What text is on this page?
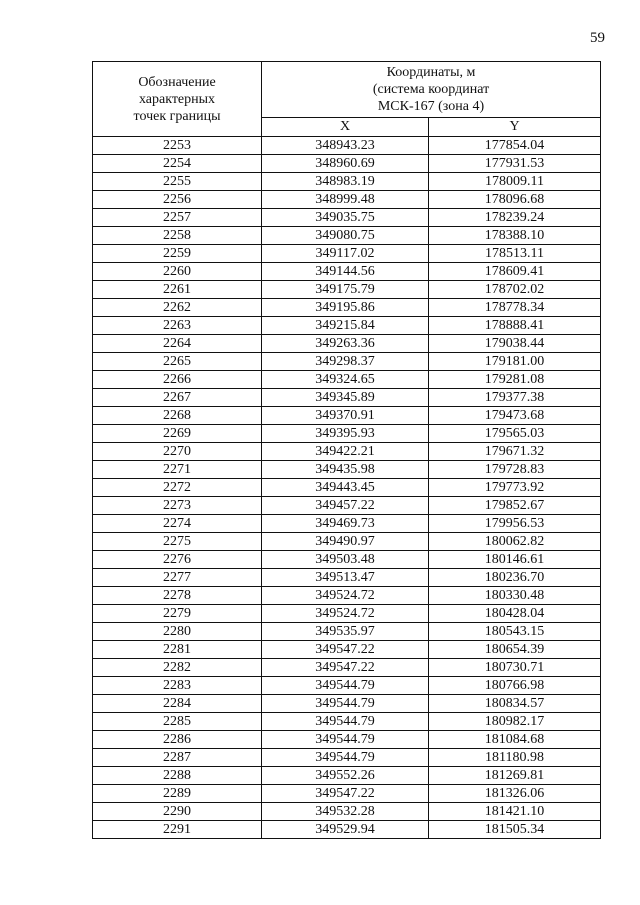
59
Обозначение
характерных
точек границы	Координаты, м
(система координат
МСК-167 (зона 4)	

	X	Y
2253	348943.23	177854.04
2254	348960.69	177931.53
2255	348983.19	178009.11
2256	348999.48	178096.68
2257	349035.75	178239.24
2258	349080.75	178388.10
2259	349117.02	178513.11
2260	349144.56	178609.41
2261	349175.79	178702.02
2262	349195.86	178778.34
2263	349215.84	178888.41
2264	349263.36	179038.44
2265	349298.37	179181.00
2266	349324.65	179281.08
2267	349345.89	179377.38
2268	349370.91	179473.68
2269	349395.93	179565.03
2270	349422.21	179671.32
2271	349435.98	179728.83
2272	349443.45	179773.92
2273	349457.22	179852.67
2274	349469.73	179956.53
2275	349490.97	180062.82
2276	349503.48	180146.61
2277	349513.47	180236.70
2278	349524.72	180330.48
2279	349524.72	180428.04
2280	349535.97	180543.15
2281	349547.22	180654.39
2282	349547.22	180730.71
2283	349544.79	180766.98
2284	349544.79	180834.57
2285	349544.79	180982.17
2286	349544.79	181084.68
2287	349544.79	181180.98
2288	349552.26	181269.81
2289	349547.22	181326.06
2290	349532.28	181421.10
2291	349529.94	181505.34
